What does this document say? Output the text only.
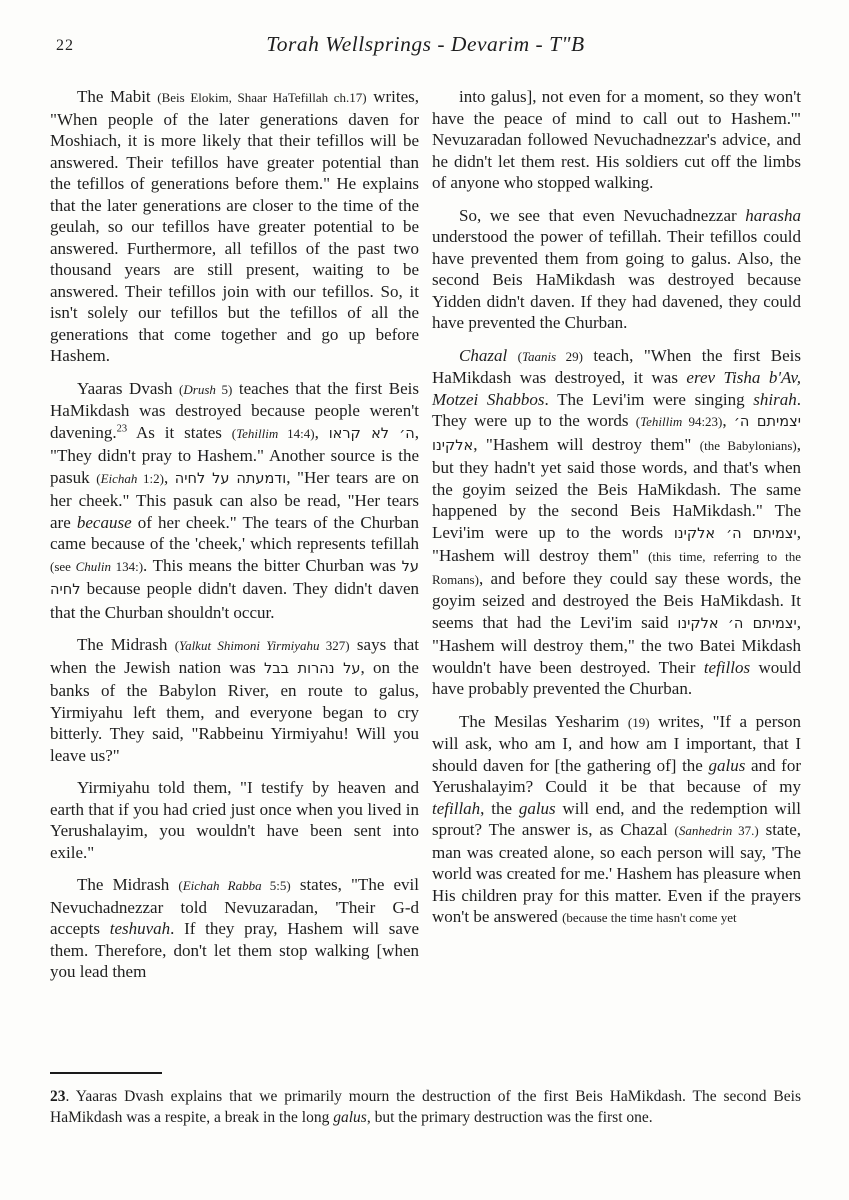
22	Torah Wellsprings - Devarim - T"B

The Mabit (Beis Elokim, Shaar HaTefillah ch.17) writes, "When people of the later generations daven for Moshiach, it is more likely that their tefillos will be answered. Their tefillos have greater potential than the tefillos of generations before them." He explains that the later generations are closer to the time of the geulah, so our tefillos have greater potential to be answered. Furthermore, all tefillos of the past two thousand years are still present, waiting to be answered. Their tefillos join with our tefillos. So, it isn't solely our tefillos but the tefillos of all the generations that come together and go up before Hashem.

Yaaras Dvash (Drush 5) teaches that the first Beis HaMikdash was destroyed because people weren't davening.$^{23}$ As it states (Tehillim 14:4), ה׳ לא קראו, "They didn't pray to Hashem." Another source is the pasuk (Eichah 1:2), ודמעתה על לחיה, "Her tears are on her cheek." This pasuk can also be read, "Her tears are because of her cheek." The tears of the Churban came because of the 'cheek,' which represents tefillah (see Chulin 134:). This means the bitter Churban was על לחיה because people didn't daven. They didn't daven that the Churban shouldn't occur.

The Midrash (Yalkut Shimoni Yirmiyahu 327) says that when the Jewish nation was על נהרות בבל, on the banks of the Babylon River, en route to galus, Yirmiyahu left them, and everyone began to cry bitterly. They said, "Rabbeinu Yirmiyahu! Will you leave us?"

Yirmiyahu told them, "I testify by heaven and earth that if you had cried just once when you lived in Yerushalayim, you wouldn't have been sent into exile."

The Midrash (Eichah Rabba 5:5) states, "The evil Nevuchadnezzar told Nevuzaradan, 'Their G-d accepts teshuvah. If they pray, Hashem will save them. Therefore, don't let them stop walking [when you lead them

into galus], not even for a moment, so they won't have the peace of mind to call out to Hashem.'" Nevuzaradan followed Nevuchadnezzar's advice, and he didn't let them rest. His soldiers cut off the limbs of anyone who stopped walking.

So, we see that even Nevuchadnezzar harasha understood the power of tefillah. Their tefillos could have prevented them from going to galus. Also, the second Beis HaMikdash was destroyed because Yidden didn't daven. If they had davened, they could have prevented the Churban.

Chazal (Taanis 29) teach, "When the first Beis HaMikdash was destroyed, it was erev Tisha b'Av, Motzei Shabbos. The Levi'im were singing shirah. They were up to the words (Tehillim 94:23), יצמיתם ה׳ אלקינו, "Hashem will destroy them" (the Babylonians), but they hadn't yet said those words, and that's when the goyim seized the Beis HaMikdash. The same happened by the second Beis HaMikdash." The Levi'im were up to the words יצמיתם ה׳ אלקינו, "Hashem will destroy them" (this time, referring to the Romans), and before they could say these words, the goyim seized and destroyed the Beis HaMikdash. It seems that had the Levi'im said יצמיתם ה׳ אלקינו, "Hashem will destroy them," the two Batei Mikdash wouldn't have been destroyed. Their tefillos would have probably prevented the Churban.

The Mesilas Yesharim (19) writes, "If a person will ask, who am I, and how am I important, that I should daven for [the gathering of] the galus and for Yerushalayim? Could it be that because of my tefillah, the galus will end, and the redemption will sprout? The answer is, as Chazal (Sanhedrin 37.) state, man was created alone, so each person will say, 'The world was created for me.' Hashem has pleasure when His children pray for this matter. Even if the prayers won't be answered (because the time hasn't come yet

23. Yaaras Dvash explains that we primarily mourn the destruction of the first Beis HaMikdash. The second Beis HaMikdash was a respite, a break in the long galus, but the primary destruction was the first one.
